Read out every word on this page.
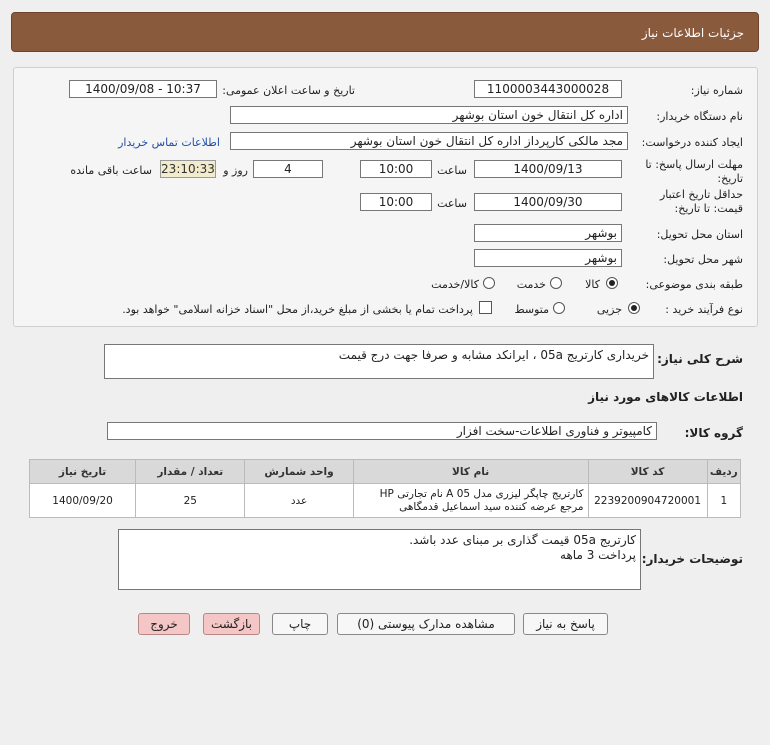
جزئیات اطلاعات نیاز
شماره نیاز:
1100003443000028
تاریخ و ساعت اعلان عمومی:
1400/09/08 - 10:37
نام دستگاه خریدار:
اداره کل انتقال خون استان بوشهر
ایجاد کننده درخواست:
مجد مالکی کارپرداز اداره کل انتقال خون استان بوشهر
اطلاعات تماس خریدار
مهلت ارسال پاسخ: تا
تاریخ:
1400/09/13
ساعت
10:00
4
روز و
23:10:33
ساعت باقی مانده
حداقل تاریخ اعتبار
قیمت: تا تاریخ:
1400/09/30
ساعت
10:00
استان محل تحویل:
بوشهر
شهر محل تحویل:
بوشهر
طبقه بندی موضوعی:
کالا
خدمت
کالا/خدمت
نوع فرآیند خرید :
جزیی
متوسط
پرداخت تمام یا بخشی از مبلغ خرید،از محل "اسناد خزانه اسلامی" خواهد بود.
شرح کلی نیاز:
خریداری کارتریج 05a ، ایرانکد مشابه و صرفا جهت درج قیمت
اطلاعات کالاهای مورد نیاز
گروه کالا:
کامپیوتر و فناوری اطلاعات-سخت افزار
ردیف	کد کالا	نام کالا	واحد شمارش	تعداد / مقدار	تاریخ نیاز
1	2239200904720001	کارتریج چاپگر لیزری مدل A 05 نام تجارتی HP مرجع عرضه کننده سید اسماعیل قدمگاهی	عدد	25	1400/09/20
توضیحات خریدار:
کارتریج 05a قیمت گذاری بر مبنای عدد باشد.
پرداخت 3 ماهه
پاسخ به نیاز
مشاهده مدارک پیوستی (0)
چاپ
بازگشت
خروج
